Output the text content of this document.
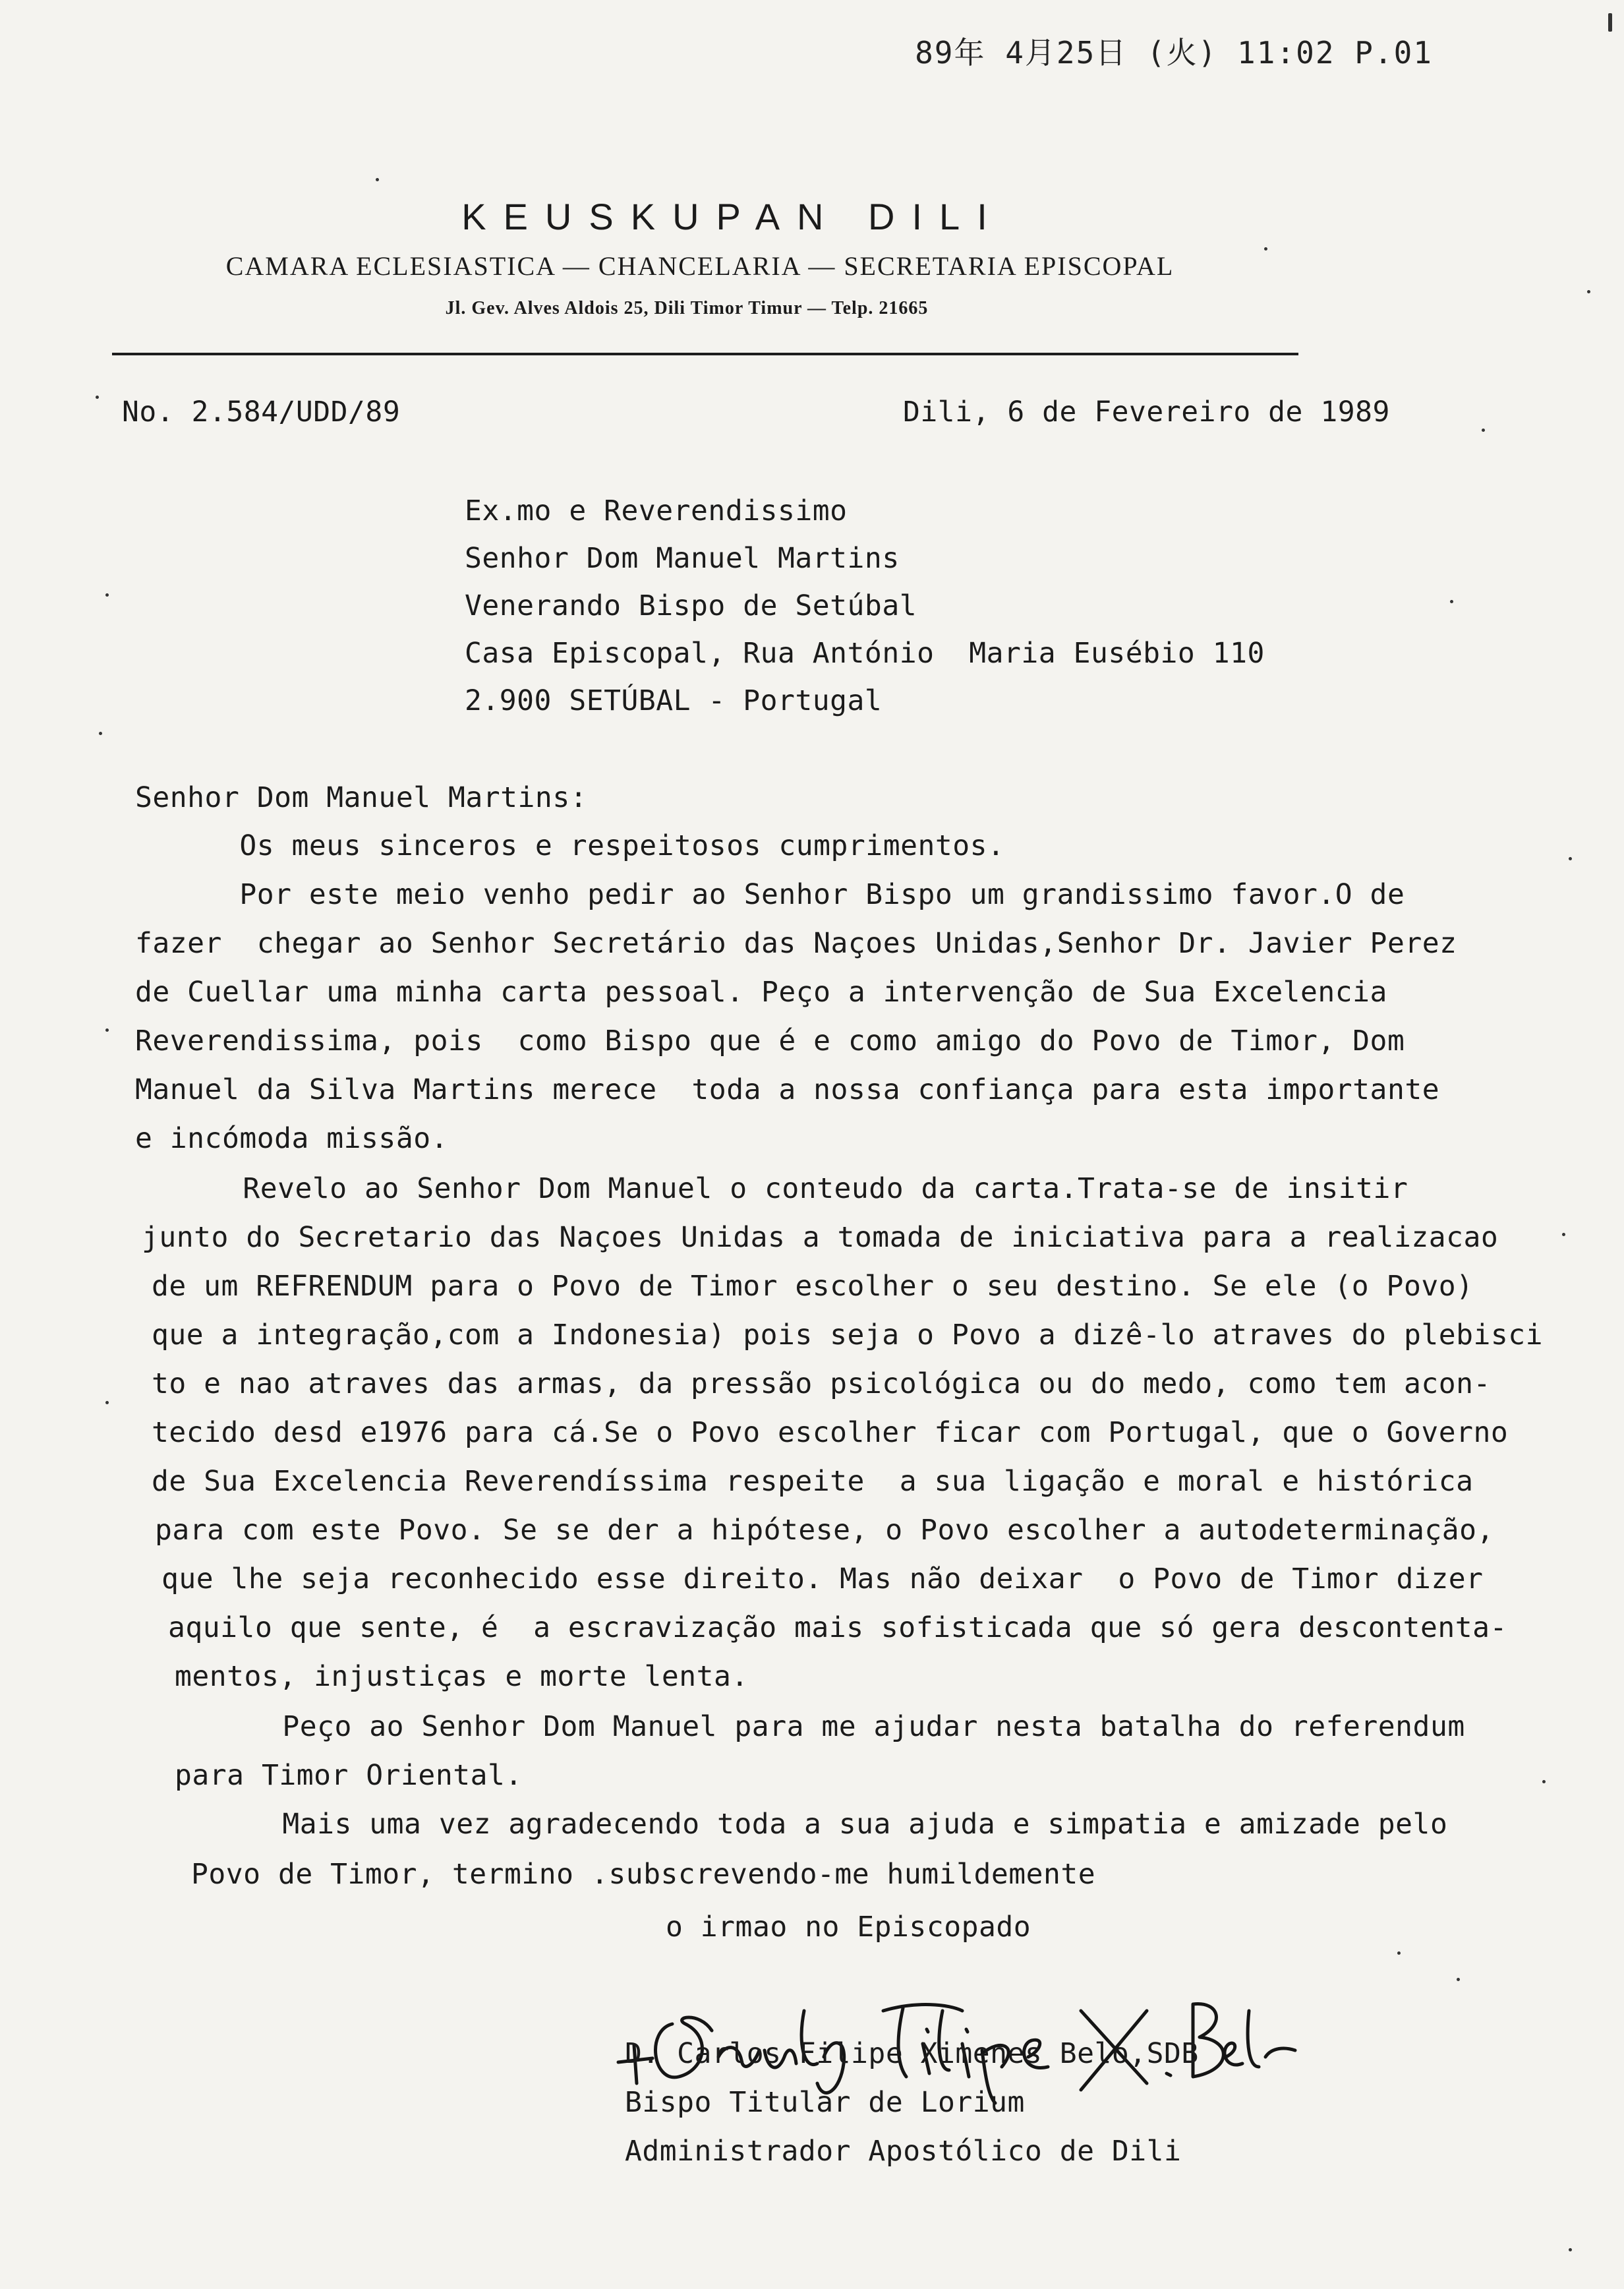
89年 4月25日 (火) 11:02 P.01
KEUSKUPAN DILI
CAMARA ECLESIASTICA — CHANCELARIA — SECRETARIA EPISCOPAL
Jl. Gev. Alves Aldois 25, Dili Timor Timur — Telp. 21665
No. 2.584/UDD/89	Dili, 6 de Fevereiro de 1989
Ex.mo e Reverendissimo
Senhor Dom Manuel Martins
Venerando Bispo de Setúbal
Casa Episcopal, Rua António  Maria Eusébio 110
2.900 SETÚBAL - Portugal
Senhor Dom Manuel Martins:
Os meus sinceros e respeitosos cumprimentos.
Por este meio venho pedir ao Senhor Bispo um grandissimo favor.O de
fazer  chegar ao Senhor Secretário das Naçoes Unidas,Senhor Dr. Javier Perez
de Cuellar uma minha carta pessoal. Peço a intervenção de Sua Excelencia
Reverendissima, pois  como Bispo que é e como amigo do Povo de Timor, Dom
Manuel da Silva Martins merece  toda a nossa confiança para esta importante
e incómoda missão.
Revelo ao Senhor Dom Manuel o conteudo da carta.Trata-se de insitir
junto do Secretario das Naçoes Unidas a tomada de iniciativa para a realizacao
de um REFRENDUM para o Povo de Timor escolher o seu destino. Se ele (o Povo)
que a integração,com a Indonesia) pois seja o Povo a dizê-lo atraves do plebisci
to e nao atraves das armas, da pressão psicológica ou do medo, como tem acon-
tecido desd e1976 para cá.Se o Povo escolher ficar com Portugal, que o Governo
de Sua Excelencia Reverendíssima respeite  a sua ligação e moral e histórica
para com este Povo. Se se der a hipótese, o Povo escolher a autodeterminação,
que lhe seja reconhecido esse direito. Mas não deixar  o Povo de Timor dizer
aquilo que sente, é  a escravização mais sofisticada que só gera descontenta-
mentos, injustiças e morte lenta.
Peço ao Senhor Dom Manuel para me ajudar nesta batalha do referendum
para Timor Oriental.
Mais uma vez agradecendo toda a sua ajuda e simpatia e amizade pelo
Povo de Timor, termino .subscrevendo-me humildemente
o irmao no Episcopado
D. Carlos Filipe Ximenes Belo,SDB
Bispo Titular de Lorium
Administrador Apostólico de Dili
